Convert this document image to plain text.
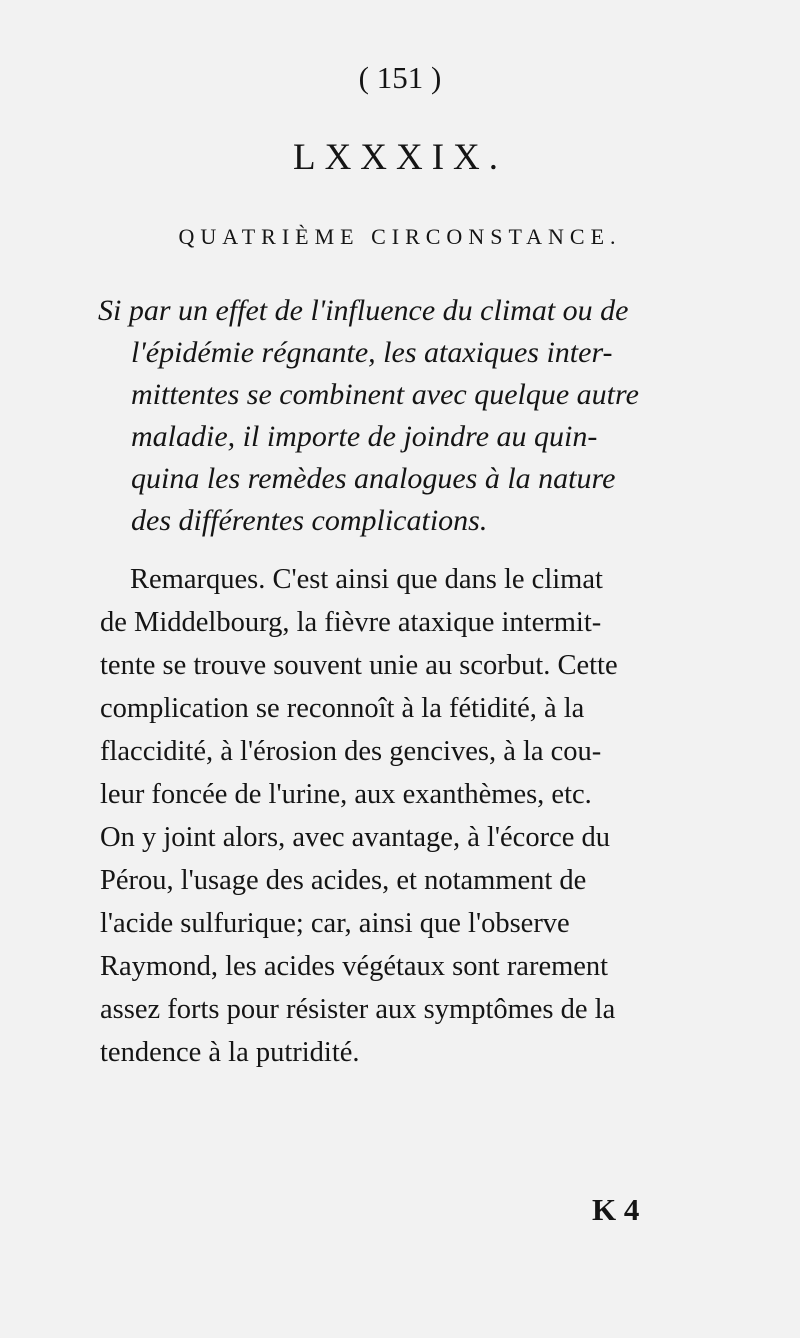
( 151 )
LXXXIX.
QUATRIÈME CIRCONSTANCE.
Si par un effet de l'influence du climat ou de
l'épidémie régnante, les ataxiques inter-
mittentes se combinent avec quelque autre
maladie, il importe de joindre au quin-
quina les remèdes analogues à la nature
des différentes complications.
Remarques. C'est ainsi que dans le climat
de Middelbourg, la fièvre ataxique intermit-
tente se trouve souvent unie au scorbut. Cette
complication se reconnoît à la fétidité, à la
flaccidité, à l'érosion des gencives, à la cou-
leur foncée de l'urine, aux exanthèmes, etc.
On y joint alors, avec avantage, à l'écorce du
Pérou, l'usage des acides, et notamment de
l'acide sulfurique; car, ainsi que l'observe
Raymond, les acides végétaux sont rarement
assez forts pour résister aux symptômes de la
tendence à la putridité.
K 4
